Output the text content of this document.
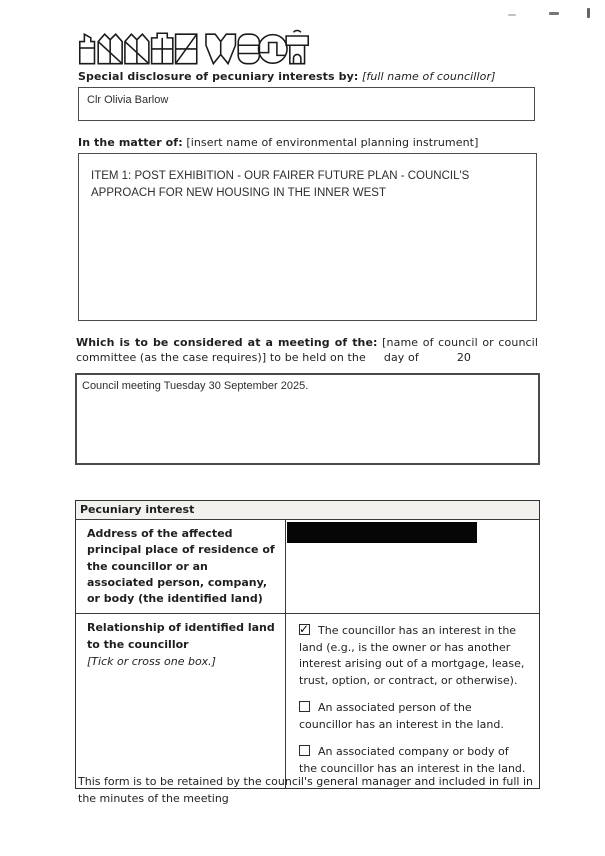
Special disclosure of pecuniary interests by: [full name of councillor]
Clr Olivia Barlow
In the matter of: [insert name of environmental planning instrument]
ITEM 1: POST EXHIBITION - OUR FAIRER FUTURE PLAN - COUNCIL'S APPROACH FOR NEW HOUSING IN THE INNER WEST
Which is to be considered at a meeting of the: [name of council or council committee (as the case requires)] to be held on the day of	20
Council meeting Tuesday 30 September 2025.
Pecuniary interest
Address of the affected principal place of residence of the councillor or an associated person, company, or body (the identified land)
Relationship of identified land to the councillor
[Tick or cross one box.]

✓ The councillor has an interest in the land (e.g., is the owner or has another interest arising out of a mortgage, lease, trust, option, or contract, or otherwise).

An associated person of the councillor has an interest in the land.

An associated company or body of the councillor has an interest in the land.

This form is to be retained by the council's general manager and included in full in the minutes of the meeting
